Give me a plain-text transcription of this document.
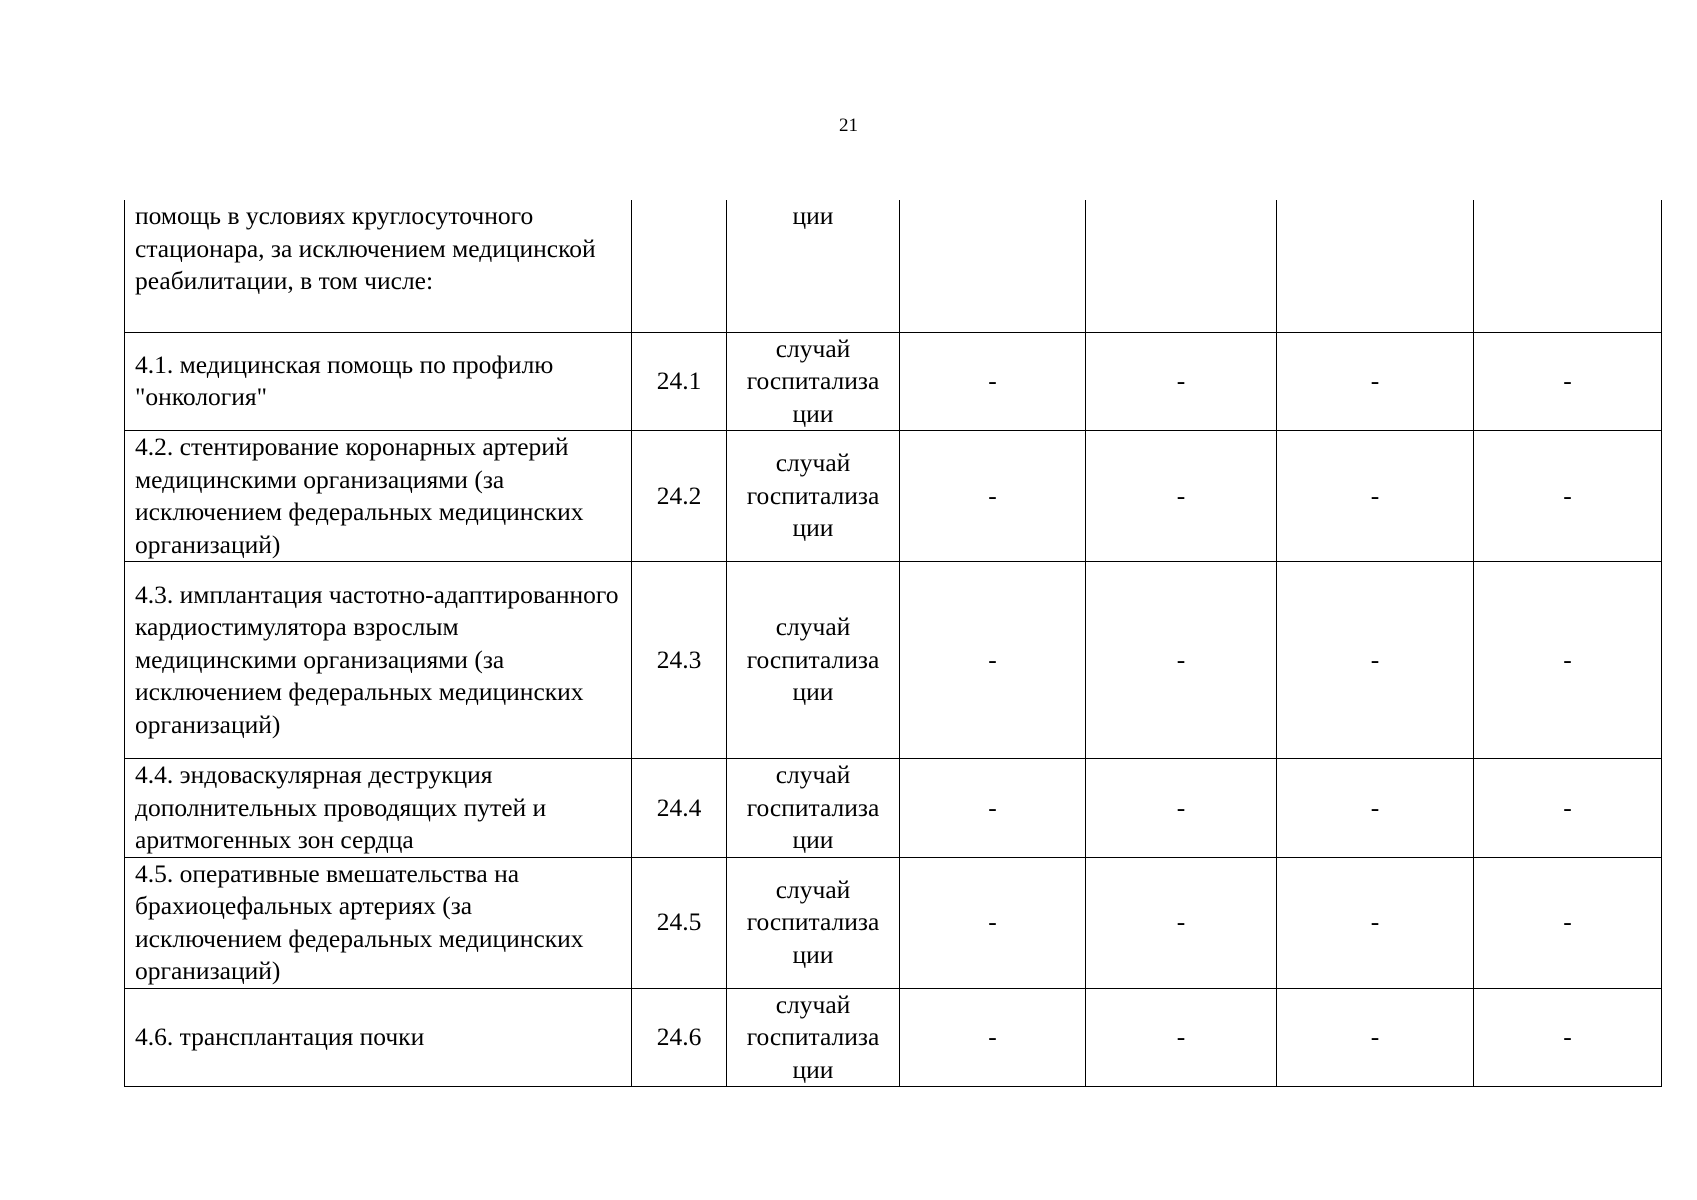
21
помощь в условиях круглосуточного стационара, за исключением медицинской реабилитации, в том числе:		ции				
4.1. медицинская помощь по профилю "онкология"	24.1	случай госпитализа ции	-	-	-	-
4.2. стентирование коронарных артерий медицинскими организациями (за исключением федеральных медицинских организаций)	24.2	случай госпитализа ции	-	-	-	-
4.3. имплантация частотно-адаптированного кардиостимулятора взрослым медицинскими организациями (за исключением федеральных медицинских организаций)	24.3	случай госпитализа ции	-	-	-	-
4.4. эндоваскулярная деструкция дополнительных проводящих путей и аритмогенных зон сердца	24.4	случай госпитализа ции	-	-	-	-
4.5. оперативные вмешательства на брахиоцефальных артериях (за исключением федеральных медицинских организаций)	24.5	случай госпитализа ции	-	-	-	-
4.6. трансплантация почки	24.6	случай госпитализа ции	-	-	-	-
